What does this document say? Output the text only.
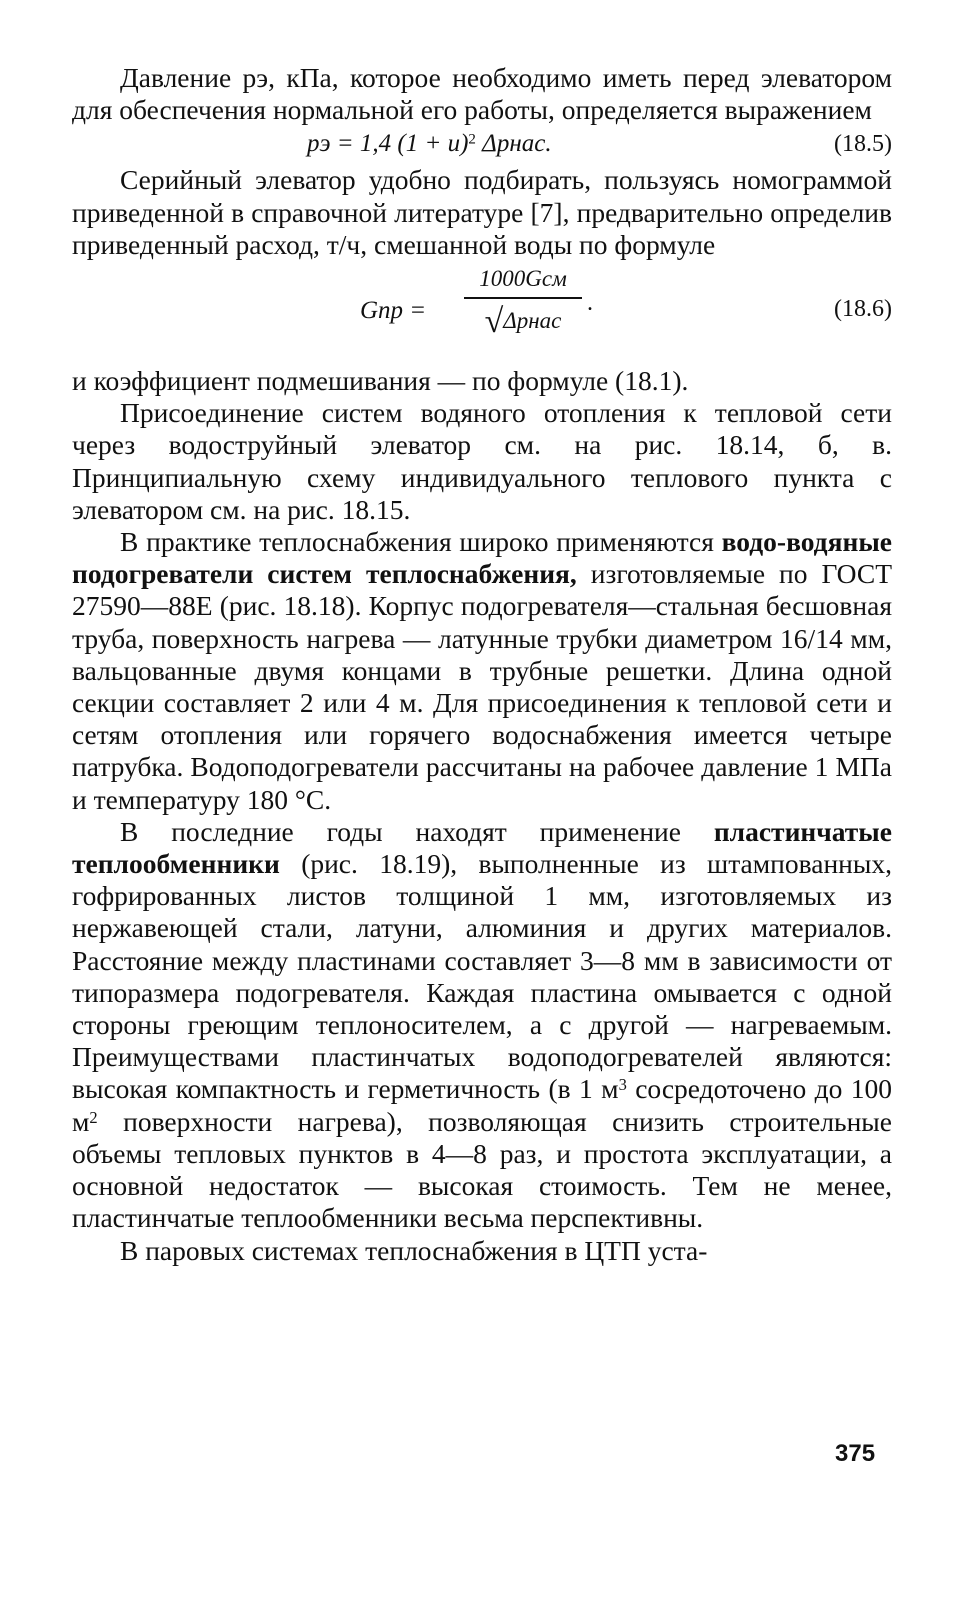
Давление pэ, кПа, которое необходимо иметь перед элеватором для обеспечения нормальной его работы, определяется выражением

pэ = 1,4 $(1 + u)^2$ Δpнас.	(18.5)

Серийный элеватор удобно подбирать, пользуясь номограммой приведенной в справочной литературе [7], предварительно определив приведенный расход, т/ч, смешанной воды по формуле

Gпр =
1000Gсм
√Δpнас
.	(18.6)

и коэффициент подмешивания — по формуле (18.1).

Присоединение систем водяного отопления к тепловой сети через водоструйный элеватор см. на рис. 18.14, б, в. Принципиальную схему индивидуального теплового пункта с элеватором см. на рис. 18.15.

В практике теплоснабжения широко применяются водо-водяные подогреватели систем теплоснабжения, изготовляемые по ГОСТ 27590—88Е (рис. 18.18). Корпус подогревателя—стальная бесшовная труба, поверхность нагрева — латунные трубки диаметром 16/14 мм, вальцованные двумя концами в трубные решетки. Длина одной секции составляет 2 или 4 м. Для присоединения к тепловой сети и сетям отопления или горячего водоснабжения имеется четыре патрубка. Водоподогреватели рассчитаны на рабочее давление 1 МПа и температуру 180 °С.

В последние годы находят применение пластинчатые теплообменники (рис. 18.19), выполненные из штампованных, гофрированных листов толщиной 1 мм, изготовляемых из нержавеющей стали, латуни, алюминия и других материалов. Расстояние между пластинами составляет 3—8 мм в зависимости от типоразмера подогревателя. Каждая пластина омывается с одной стороны греющим теплоносителем, а с другой — нагреваемым. Преимуществами пластинчатых водоподогревателей являются: высокая компактность и герметичность (в 1 $м^3$ сосредоточено до 100 $м^2$ поверхности нагрева), позволяющая снизить строительные объемы тепловых пунктов в 4—8 раз, и простота эксплуатации, а основной недостаток — высокая стоимость. Тем не менее, пластинчатые теплообменники весьма перспективны.

В паровых системах теплоснабжения в ЦТП уста-

375
